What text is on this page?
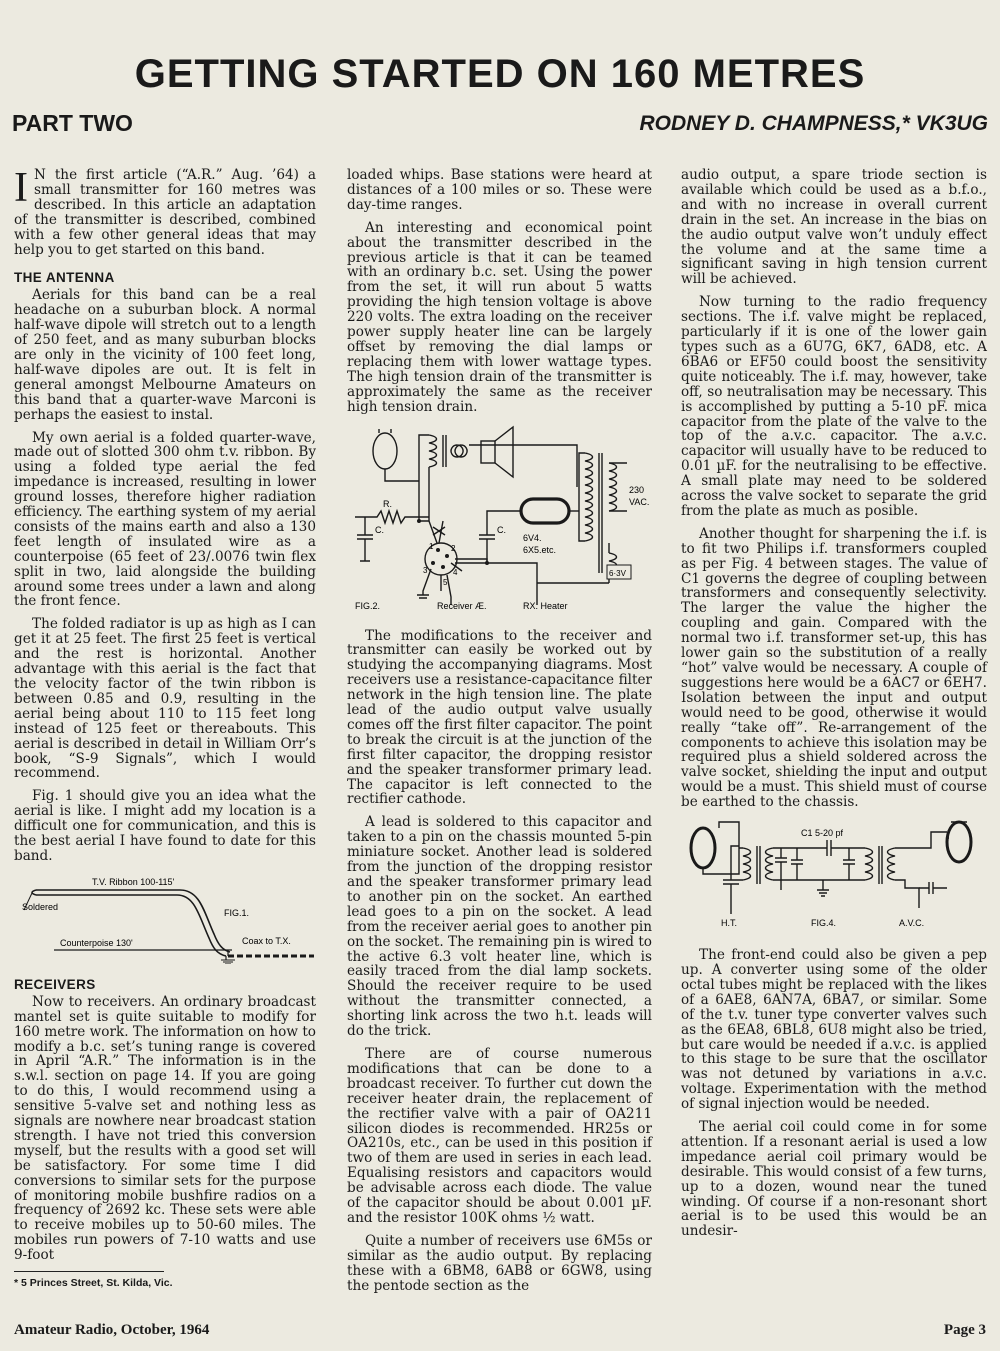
GETTING STARTED ON 160 METRES
PART TWO	RODNEY D. CHAMPNESS,* VK3UG

I N the first article (“A.R.” Aug. ’64) a small transmitter for 160 metres was described. In this article an adaptation of the transmitter is described, combined with a few other general ideas that may help you to get started on this band.

THE ANTENNA

Aerials for this band can be a real headache on a suburban block. A normal half-wave dipole will stretch out to a length of 250 feet, and as many suburban blocks are only in the vicinity of 100 feet long, half-wave dipoles are out. It is felt in general amongst Melbourne Amateurs on this band that a quarter-wave Marconi is perhaps the easiest to instal.

My own aerial is a folded quarter-wave, made out of slotted 300 ohm t.v. ribbon. By using a folded type aerial the fed impedance is increased, resulting in lower ground losses, therefore higher radiation efficiency. The earthing system of my aerial consists of the mains earth and also a 130 feet length of insulated wire as a counterpoise (65 feet of 23/.0076 twin flex split in two, laid alongside the building around some trees under a lawn and along the front fence.

The folded radiator is up as high as I can get it at 25 feet. The first 25 feet is vertical and the rest is horizontal. Another advantage with this aerial is the fact that the velocity factor of the twin ribbon is between 0.85 and 0.9, resulting in the aerial being about 110 to 115 feet long instead of 125 feet or thereabouts. This aerial is described in detail in William Orr’s book, “S-9 Signals”, which I would recommend.

Fig. 1 should give you an idea what the aerial is like. I might add my location is a difficult one for communication, and this is the best aerial I have found to date for this band.

T.V. Ribbon 100-115'
Soldered
FIG.1.
Coax to T.X.
Counterpoise 130'
RECEIVERS

Now to receivers. An ordinary broadcast mantel set is quite suitable to modify for 160 metre work. The information on how to modify a b.c. set’s tuning range is covered in April “A.R.” The information is in the s.w.l. section on page 14. If you are going to do this, I would recommend using a sensitive 5-valve set and nothing less as signals are nowhere near broadcast station strength. I have not tried this conversion myself, but the results with a good set will be satisfactory. For some time I did conversions to similar sets for the purpose of monitoring mobile bushfire radios on a frequency of 2692 kc. These sets were able to receive mobiles up to 50-60 miles. The mobiles run powers of 7-10 watts and use 9-foot

* 5 Princes Street, St. Kilda, Vic.

loaded whips. Base stations were heard at distances of a 100 miles or so. These were day-time ranges.

An interesting and economical point about the transmitter described in the previous article is that it can be teamed with an ordinary b.c. set. Using the power from the set, it will run about 5 watts providing the high tension voltage is above 220 volts. The extra loading on the receiver power supply heater line can be largely offset by removing the dial lamps or replacing them with lower wattage types. The high tension drain of the transmitter is approximately the same as the receiver high tension drain.

230
VAC.
C.
R.
C.
6V4.
6X5.etc.
6·3V
FIG.2.	Receiver Æ.	RX. Heater
1 2
3	4
5

The modifications to the receiver and transmitter can easily be worked out by studying the accompanying diagrams. Most receivers use a resistance-capacitance filter network in the high tension line. The plate lead of the audio output valve usually comes off the first filter capacitor. The point to break the circuit is at the junction of the first filter capacitor, the dropping resistor and the speaker transformer primary lead. The capacitor is left connected to the rectifier cathode.

A lead is soldered to this capacitor and taken to a pin on the chassis mounted 5-pin miniature socket. Another lead is soldered from the junction of the dropping resistor and the speaker transformer primary lead to another pin on the socket. An earthed lead goes to a pin on the socket. A lead from the receiver aerial goes to another pin on the socket. The remaining pin is wired to the active 6.3 volt heater line, which is easily traced from the dial lamp sockets. Should the receiver require to be used without the transmitter connected, a shorting link across the two h.t. leads will do the trick.

There are of course numerous modifications that can be done to a broadcast receiver. To further cut down the receiver heater drain, the replacement of the rectifier valve with a pair of OA211 silicon diodes is recommended. HR25s or OA210s, etc., can be used in this position if two of them are used in series in each lead. Equalising resistors and capacitors would be advisable across each diode. The value of the capacitor should be about 0.001 µF. and the resistor 100K ohms ½ watt.

Quite a number of receivers use 6M5s or similar as the audio output. By replacing these with a 6BM8, 6AB8 or 6GW8, using the pentode section as the

audio output, a spare triode section is available which could be used as a b.f.o., and with no increase in overall current drain in the set. An increase in the bias on the audio output valve won’t unduly effect the volume and at the same time a significant saving in high tension current will be achieved.

Now turning to the radio frequency sections. The i.f. valve might be replaced, particularly if it is one of the lower gain types such as a 6U7G, 6K7, 6AD8, etc. A 6BA6 or EF50 could boost the sensitivity quite noticeably. The i.f. may, however, take off, so neutralisation may be necessary. This is accomplished by putting a 5-10 pF. mica capacitor from the plate of the valve to the top of the a.v.c. capacitor. The a.v.c. capacitor will usually have to be reduced to 0.01 µF. for the neutralising to be effective. A small plate may need to be soldered across the valve socket to separate the grid from the plate as much as posible.

Another thought for sharpening the i.f. is to fit two Philips i.f. transformers coupled as per Fig. 4 between stages. The value of C1 governs the degree of coupling between transformers and consequently selectivity. The larger the value the higher the coupling and gain. Compared with the normal two i.f. transformer set-up, this has lower gain so the substitution of a really “hot” valve would be necessary. A couple of suggestions here would be a 6AC7 or 6EH7. Isolation between the input and output would need to be good, otherwise it would really “take off”. Re-arrangement of the components to achieve this isolation may be required plus a shield soldered across the valve socket, shielding the input and output would be a must. This shield must of course be earthed to the chassis.

C1 5-20 pf
H.T.	FIG.4.	A.V.C.

The front-end could also be given a pep up. A converter using some of the older octal tubes might be replaced with the likes of a 6AE8, 6AN7A, 6BA7, or similar. Some of the t.v. tuner type converter valves such as the 6EA8, 6BL8, 6U8 might also be tried, but care would be needed if a.v.c. is applied to this stage to be sure that the oscillator was not detuned by variations in a.v.c. voltage. Experimentation with the method of signal injection would be needed.

The aerial coil could come in for some attention. If a resonant aerial is used a low impedance aerial coil primary would be desirable. This would consist of a few turns, up to a dozen, wound near the tuned winding. Of course if a non-resonant short aerial is to be used this would be an undesir-

Amateur Radio, October, 1964	Page 3
